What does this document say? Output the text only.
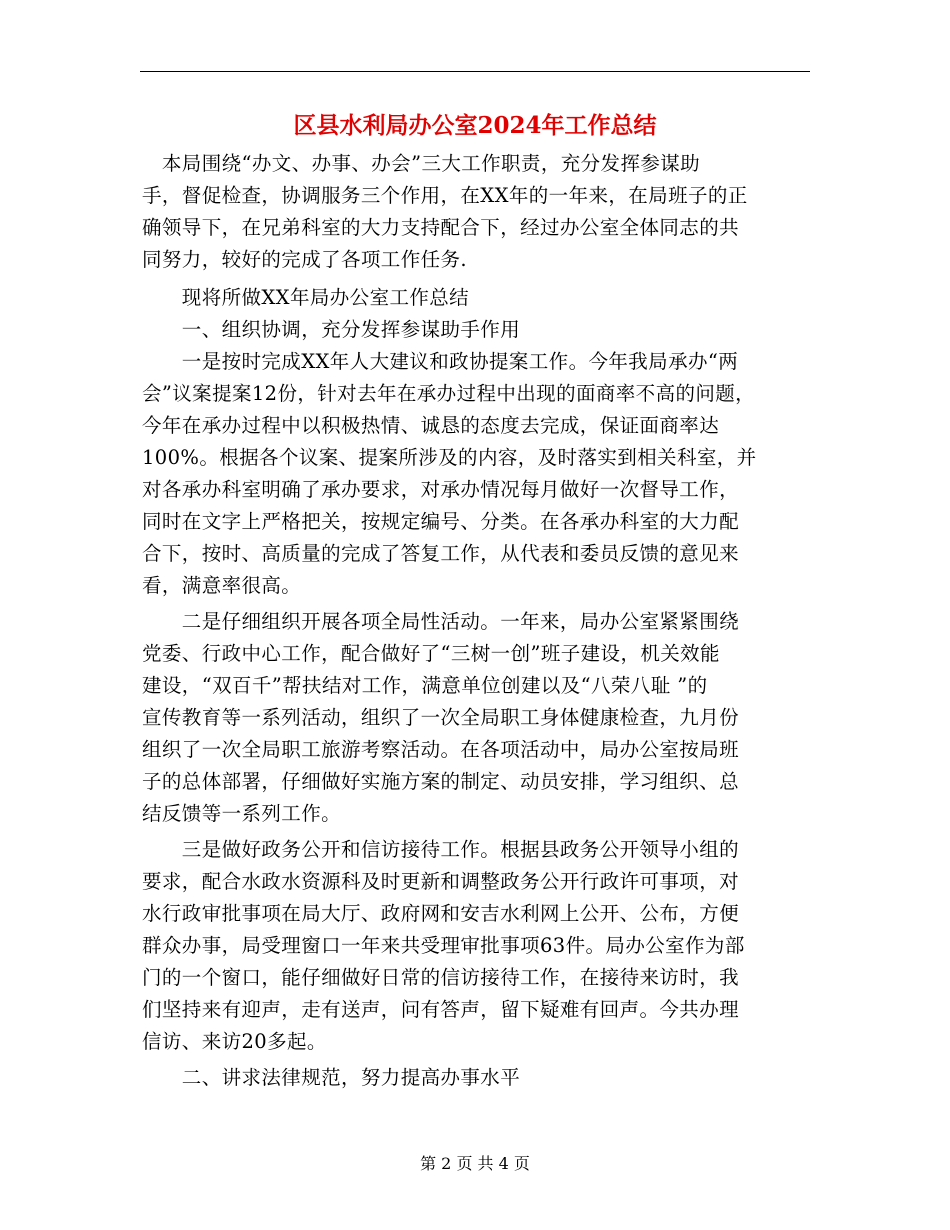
区县水利局办公室2024年工作总结
　本局围绕“办文、办事、办会”三大工作职责，充分发挥参谋助
手，督促检查，协调服务三个作用，在XX年的一年来，在局班子的正
确领导下，在兄弟科室的大力支持配合下，经过办公室全体同志的共
同努力，较好的完成了各项工作任务.
　　现将所做XX年局办公室工作总结
　　一、组织协调，充分发挥参谋助手作用
　　一是按时完成XX年人大建议和政协提案工作。今年我局承办“两
会”议案提案12份，针对去年在承办过程中出现的面商率不高的问题，
今年在承办过程中以积极热情、诚恳的态度去完成，保证面商率达
100%。根据各个议案、提案所涉及的内容，及时落实到相关科室，并
对各承办科室明确了承办要求，对承办情况每月做好一次督导工作，
同时在文字上严格把关，按规定编号、分类。在各承办科室的大力配
合下，按时、高质量的完成了答复工作，从代表和委员反馈的意见来
看，满意率很高。
　　二是仔细组织开展各项全局性活动。一年来，局办公室紧紧围绕
党委、行政中心工作，配合做好了“三树一创”班子建设，机关效能
建设，“双百千”帮扶结对工作，满意单位创建以及“八荣八耻 ”的
宣传教育等一系列活动，组织了一次全局职工身体健康检查，九月份
组织了一次全局职工旅游考察活动。在各项活动中，局办公室按局班
子的总体部署，仔细做好实施方案的制定、动员安排，学习组织、总
结反馈等一系列工作。
　　三是做好政务公开和信访接待工作。根据县政务公开领导小组的
要求，配合水政水资源科及时更新和调整政务公开行政许可事项，对
水行政审批事项在局大厅、政府网和安吉水利网上公开、公布，方便
群众办事，局受理窗口一年来共受理审批事项63件。局办公室作为部
门的一个窗口，能仔细做好日常的信访接待工作，在接待来访时，我
们坚持来有迎声，走有送声，问有答声，留下疑难有回声。今共办理
信访、来访20多起。
　　二、讲求法律规范，努力提高办事水平
第 2 页 共 4 页
